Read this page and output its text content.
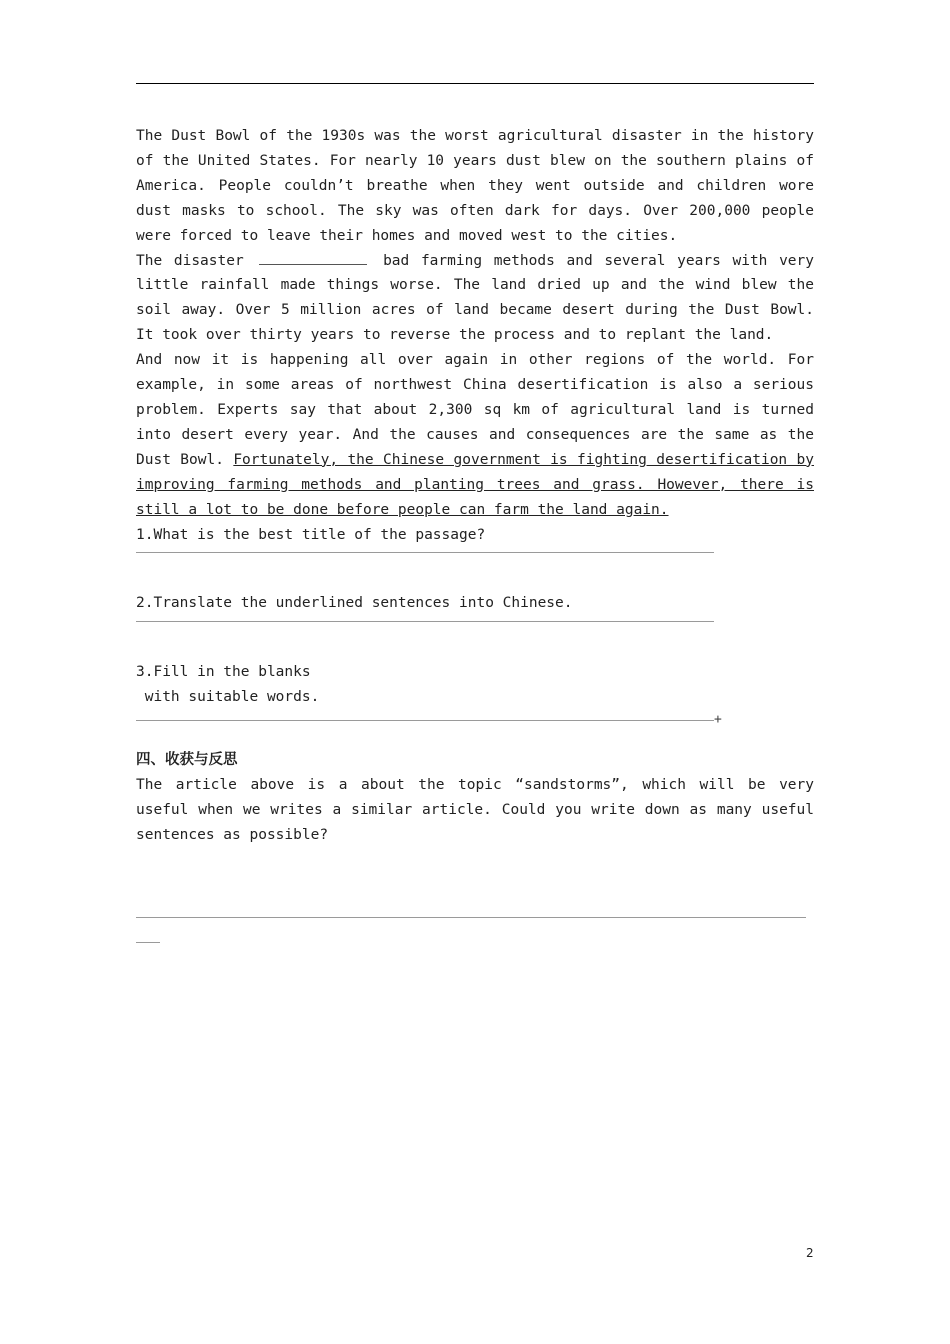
The Dust Bowl of the 1930s was the worst agricultural disaster in the history of the United States. For nearly 10 years dust blew on the southern plains of America. People couldn’t breathe when they went outside and children wore dust masks to school. The sky was often dark for days. Over 200,000 people were forced to leave their homes and moved west to the cities.

The disaster	bad farming methods and several years with very little rainfall made things worse. The land dried up and the wind blew the soil away. Over 5 million acres of land became desert during the Dust Bowl. It took over thirty years to reverse the process and to replant the land.

And now it is happening all over again in other regions of the world. For example, in some areas of northwest China desertification is also a serious problem. Experts say that about 2,300 sq km of agricultural land is turned into desert every year. And the causes and consequences are the same as the Dust Bowl. Fortunately, the Chinese government is fighting desertification by improving farming methods and planting trees and grass. However, there is still a lot to be done before people can farm the land again.

1.What is the best title of the passage?

2.Translate the underlined sentences into Chinese.

3.Fill in the blanks

with suitable words.

+

四、收获与反思

The article above is a about the topic “sandstorms”, which will be very useful when we writes a similar article. Could you write down as many useful sentences as possible?

2
